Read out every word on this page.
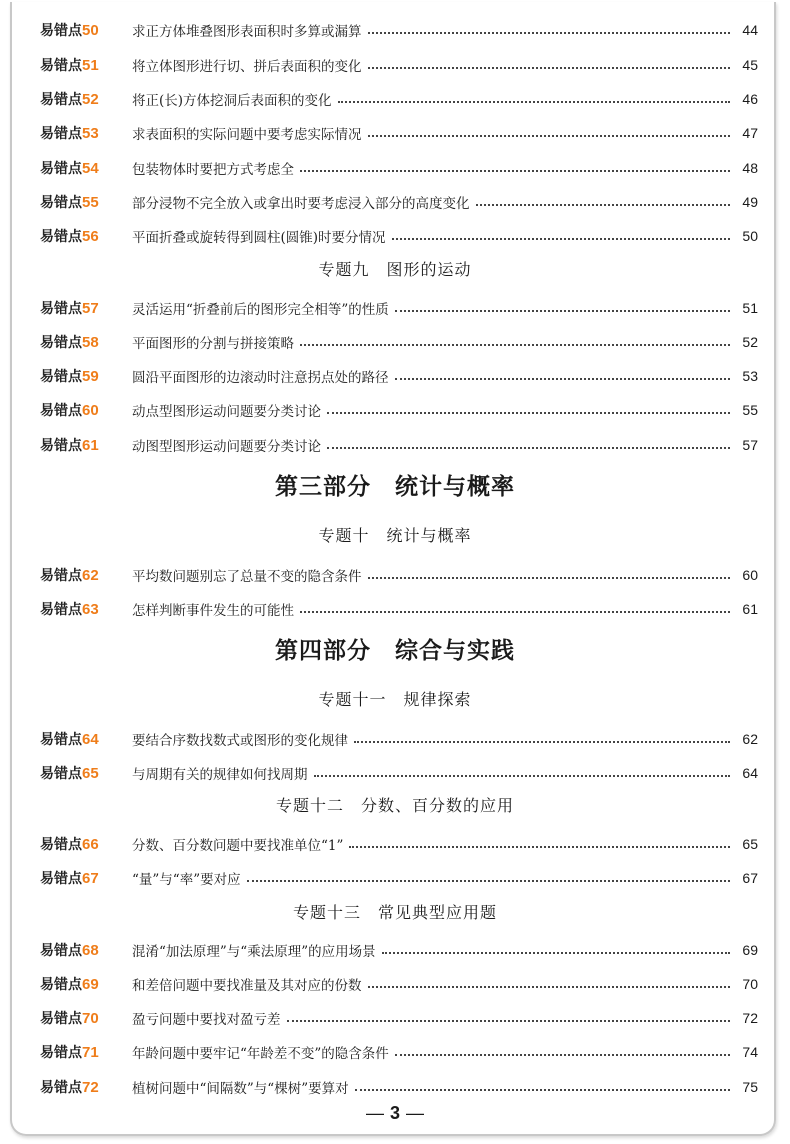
易错点50	求正方体堆叠图形表面积时多算或漏算	44
易错点51	将立体图形进行切、拼后表面积的变化	45
易错点52	将正(长)方体挖洞后表面积的变化	46
易错点53	求表面积的实际问题中要考虑实际情况	47
易错点54	包装物体时要把方式考虑全	48
易错点55	部分浸物不完全放入或拿出时要考虑浸入部分的高度变化	49
易错点56	平面折叠或旋转得到圆柱(圆锥)时要分情况	50
专题九　图形的运动
易错点57	灵活运用“折叠前后的图形完全相等”的性质	51
易错点58	平面图形的分割与拼接策略	52
易错点59	圆沿平面图形的边滚动时注意拐点处的路径	53
易错点60	动点型图形运动问题要分类讨论	55
易错点61	动图型图形运动问题要分类讨论	57
第三部分　统计与概率
专题十　统计与概率
易错点62	平均数问题别忘了总量不变的隐含条件	60
易错点63	怎样判断事件发生的可能性	61
第四部分　综合与实践
专题十一　规律探索
易错点64	要结合序数找数式或图形的变化规律	62
易错点65	与周期有关的规律如何找周期	64
专题十二　分数、百分数的应用
易错点66	分数、百分数问题中要找准单位“1”	65
易错点67	“量”与“率”要对应	67
专题十三　常见典型应用题
易错点68	混淆“加法原理”与“乘法原理”的应用场景	69
易错点69	和差倍问题中要找准量及其对应的份数	70
易错点70	盈亏问题中要找对盈亏差	72
易错点71	年龄问题中要牢记“年龄差不变”的隐含条件	74
易错点72	植树问题中“间隔数”与“棵树”要算对	75
— 3 —
